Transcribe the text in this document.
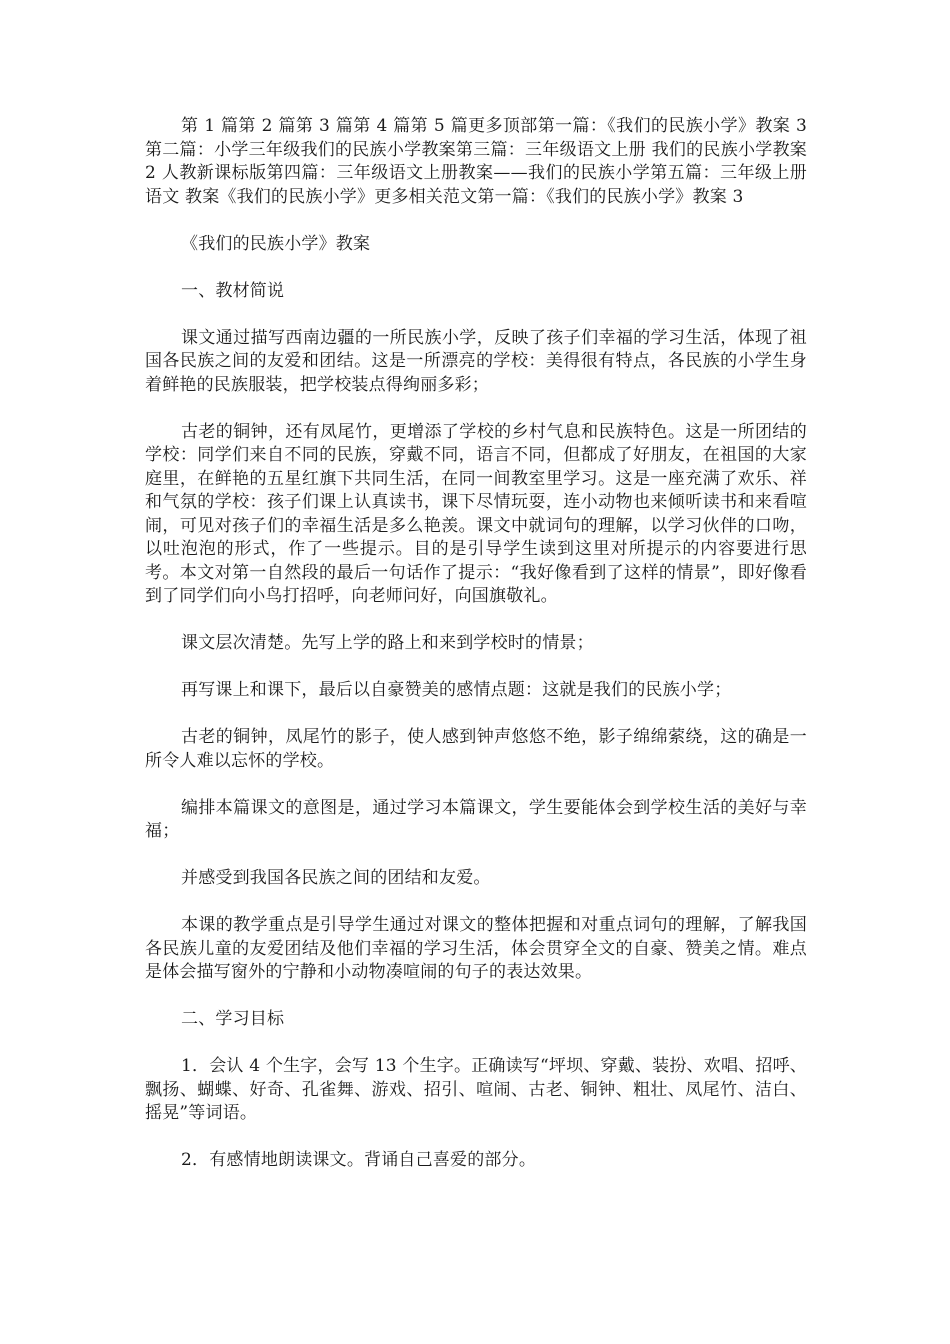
第 1 篇第 2 篇第 3 篇第 4 篇第 5 篇更多顶部第一篇：《我们的民族小学》教案 3 第二篇：小学三年级我们的民族小学教案第三篇：三年级语文上册 我们的民族小学教案 2 人教新课标版第四篇：三年级语文上册教案——我们的民族小学第五篇：三年级上册 语文 教案《我们的民族小学》更多相关范文第一篇：《我们的民族小学》教案 3

《我们的民族小学》教案

一、教材简说

课文通过描写西南边疆的一所民族小学，反映了孩子们幸福的学习生活，体现了祖国各民族之间的友爱和团结。这是一所漂亮的学校：美得很有特点，各民族的小学生身着鲜艳的民族服装，把学校装点得绚丽多彩；

古老的铜钟，还有凤尾竹，更增添了学校的乡村气息和民族特色。这是一所团结的学校：同学们来自不同的民族，穿戴不同，语言不同，但都成了好朋友，在祖国的大家庭里，在鲜艳的五星红旗下共同生活，在同一间教室里学习。这是一座充满了欢乐、祥和气氛的学校：孩子们课上认真读书，课下尽情玩耍，连小动物也来倾听读书和来看喧闹，可见对孩子们的幸福生活是多么艳羡。课文中就词句的理解，以学习伙伴的口吻，以吐泡泡的形式，作了一些提示。目的是引导学生读到这里对所提示的内容要进行思考。本文对第一自然段的最后一句话作了提示：“我好像看到了这样的情景”，即好像看到了同学们向小鸟打招呼，向老师问好，向国旗敬礼。

课文层次清楚。先写上学的路上和来到学校时的情景；

再写课上和课下，最后以自豪赞美的感情点题：这就是我们的民族小学；

古老的铜钟，凤尾竹的影子，使人感到钟声悠悠不绝，影子绵绵萦绕，这的确是一所令人难以忘怀的学校。

编排本篇课文的意图是，通过学习本篇课文，学生要能体会到学校生活的美好与幸福；

并感受到我国各民族之间的团结和友爱。

本课的教学重点是引导学生通过对课文的整体把握和对重点词句的理解，了解我国各民族儿童的友爱团结及他们幸福的学习生活，体会贯穿全文的自豪、赞美之情。难点是体会描写窗外的宁静和小动物凑喧闹的句子的表达效果。

二、学习目标

1．会认 4 个生字，会写 13 个生字。正确读写“坪坝、穿戴、装扮、欢唱、招呼、飘扬、蝴蝶、好奇、孔雀舞、游戏、招引、喧闹、古老、铜钟、粗壮、凤尾竹、洁白、摇晃”等词语。

2．有感情地朗读课文。背诵自己喜爱的部分。
